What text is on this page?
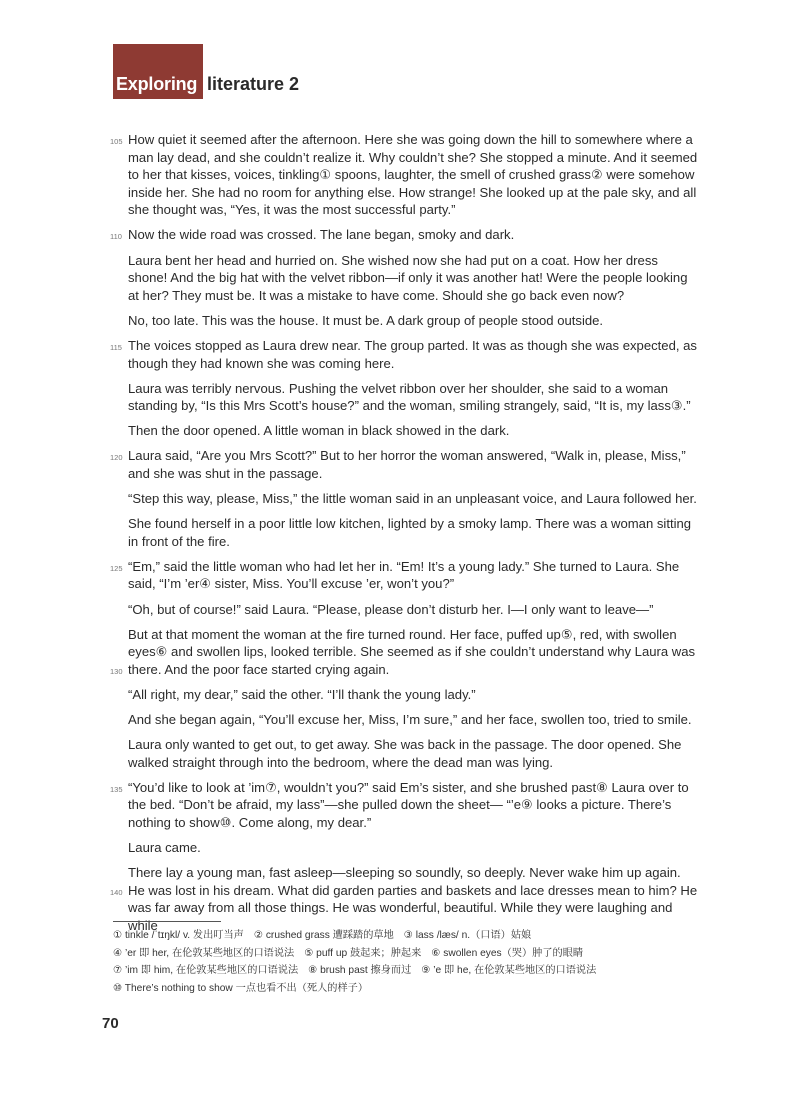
Exploring literature 2
105 How quiet it seemed after the afternoon. Here she was going down the hill to somewhere where a man lay dead, and she couldn’t realize it. Why couldn’t she? She stopped a minute. And it seemed to her that kisses, voices, tinkling① spoons, laughter, the smell of crushed grass② were somehow inside her. She had no room for anything else. How strange! She looked up at the pale sky, and all she thought was, “Yes, it was the most successful party.”
110 Now the wide road was crossed. The lane began, smoky and dark.
Laura bent her head and hurried on. She wished now she had put on a coat. How her dress shone! And the big hat with the velvet ribbon—if only it was another hat! Were the people looking at her? They must be. It was a mistake to have come. Should she go back even now?
No, too late. This was the house. It must be. A dark group of people stood outside.
115 The voices stopped as Laura drew near. The group parted. It was as though she was expected, as though they had known she was coming here.
Laura was terribly nervous. Pushing the velvet ribbon over her shoulder, she said to a woman standing by, “Is this Mrs Scott’s house?” and the woman, smiling strangely, said, “It is, my lass③.”
Then the door opened. A little woman in black showed in the dark.
120 Laura said, “Are you Mrs Scott?” But to her horror the woman answered, “Walk in, please, Miss,” and she was shut in the passage.
“Step this way, please, Miss,” the little woman said in an unpleasant voice, and Laura followed her.
She found herself in a poor little low kitchen, lighted by a smoky lamp. There was a woman sitting in front of the fire.
125 “Em,” said the little woman who had let her in. “Em! It’s a young lady.” She turned to Laura. She said, “I’m ’er④ sister, Miss. You’ll excuse ’er, won’t you?”
“Oh, but of course!” said Laura. “Please, please don’t disturb her. I—I only want to leave—”
130
But at that moment the woman at the fire turned round. Her face, puffed up⑤, red, with swollen eyes⑥ and swollen lips, looked terrible. She seemed as if she couldn’t understand why Laura was there. And the poor face started crying again.
“All right, my dear,” said the other. “I’ll thank the young lady.”
And she began again, “You’ll excuse her, Miss, I’m sure,” and her face, swollen too, tried to smile.
Laura only wanted to get out, to get away. She was back in the passage. The door opened. She walked straight through into the bedroom, where the dead man was lying.
135 “You’d like to look at ’im⑦, wouldn’t you?” said Em’s sister, and she brushed past⑧ Laura over to the bed. “Don’t be afraid, my lass”—she pulled down the sheet— “’e⑨ looks a picture. There’s nothing to show⑩. Come along, my dear.”
Laura came.
140
There lay a young man, fast asleep—sleeping so soundly, so deeply. Never wake him up again. He was lost in his dream. What did garden parties and baskets and lace dresses mean to him? He was far away from all those things. He was wonderful, beautiful. While they were laughing and while
① tinkle /ˈtɪŋkl/ v. 发出叮当声 ② crushed grass 遭踩踏的草地 ③ lass /læs/ n.（口语）姑娘
④ ’er 即 her, 在伦敦某些地区的口语说法 ⑤ puff up 鼓起来；肿起来 ⑥ swollen eyes（哭）肿了的眼睛
⑦ ’im 即 him, 在伦敦某些地区的口语说法 ⑧ brush past 擦身而过 ⑨ ’e 即 he, 在伦敦某些地区的口语说法
⑩ There’s nothing to show 一点也看不出（死人的样子）
70
